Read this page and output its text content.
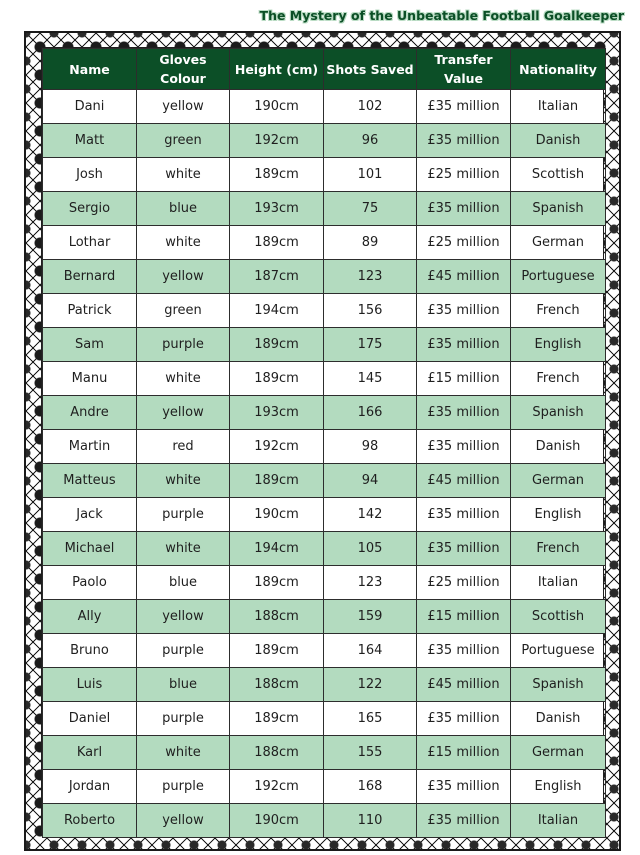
The Mystery of the Unbeatable Football Goalkeeper
Name	Gloves Colour	Height (cm)	Shots Saved	Transfer Value	Nationality
Dani	yellow	190cm	102	£35 million	Italian
Matt	green	192cm	96	£35 million	Danish
Josh	white	189cm	101	£25 million	Scottish
Sergio	blue	193cm	75	£35 million	Spanish
Lothar	white	189cm	89	£25 million	German
Bernard	yellow	187cm	123	£45 million	Portuguese
Patrick	green	194cm	156	£35 million	French
Sam	purple	189cm	175	£35 million	English
Manu	white	189cm	145	£15 million	French
Andre	yellow	193cm	166	£35 million	Spanish
Martin	red	192cm	98	£35 million	Danish
Matteus	white	189cm	94	£45 million	German
Jack	purple	190cm	142	£35 million	English
Michael	white	194cm	105	£35 million	French
Paolo	blue	189cm	123	£25 million	Italian
Ally	yellow	188cm	159	£15 million	Scottish
Bruno	purple	189cm	164	£35 million	Portuguese
Luis	blue	188cm	122	£45 million	Spanish
Daniel	purple	189cm	165	£35 million	Danish
Karl	white	188cm	155	£15 million	German
Jordan	purple	192cm	168	£35 million	English
Roberto	yellow	190cm	110	£35 million	Italian
